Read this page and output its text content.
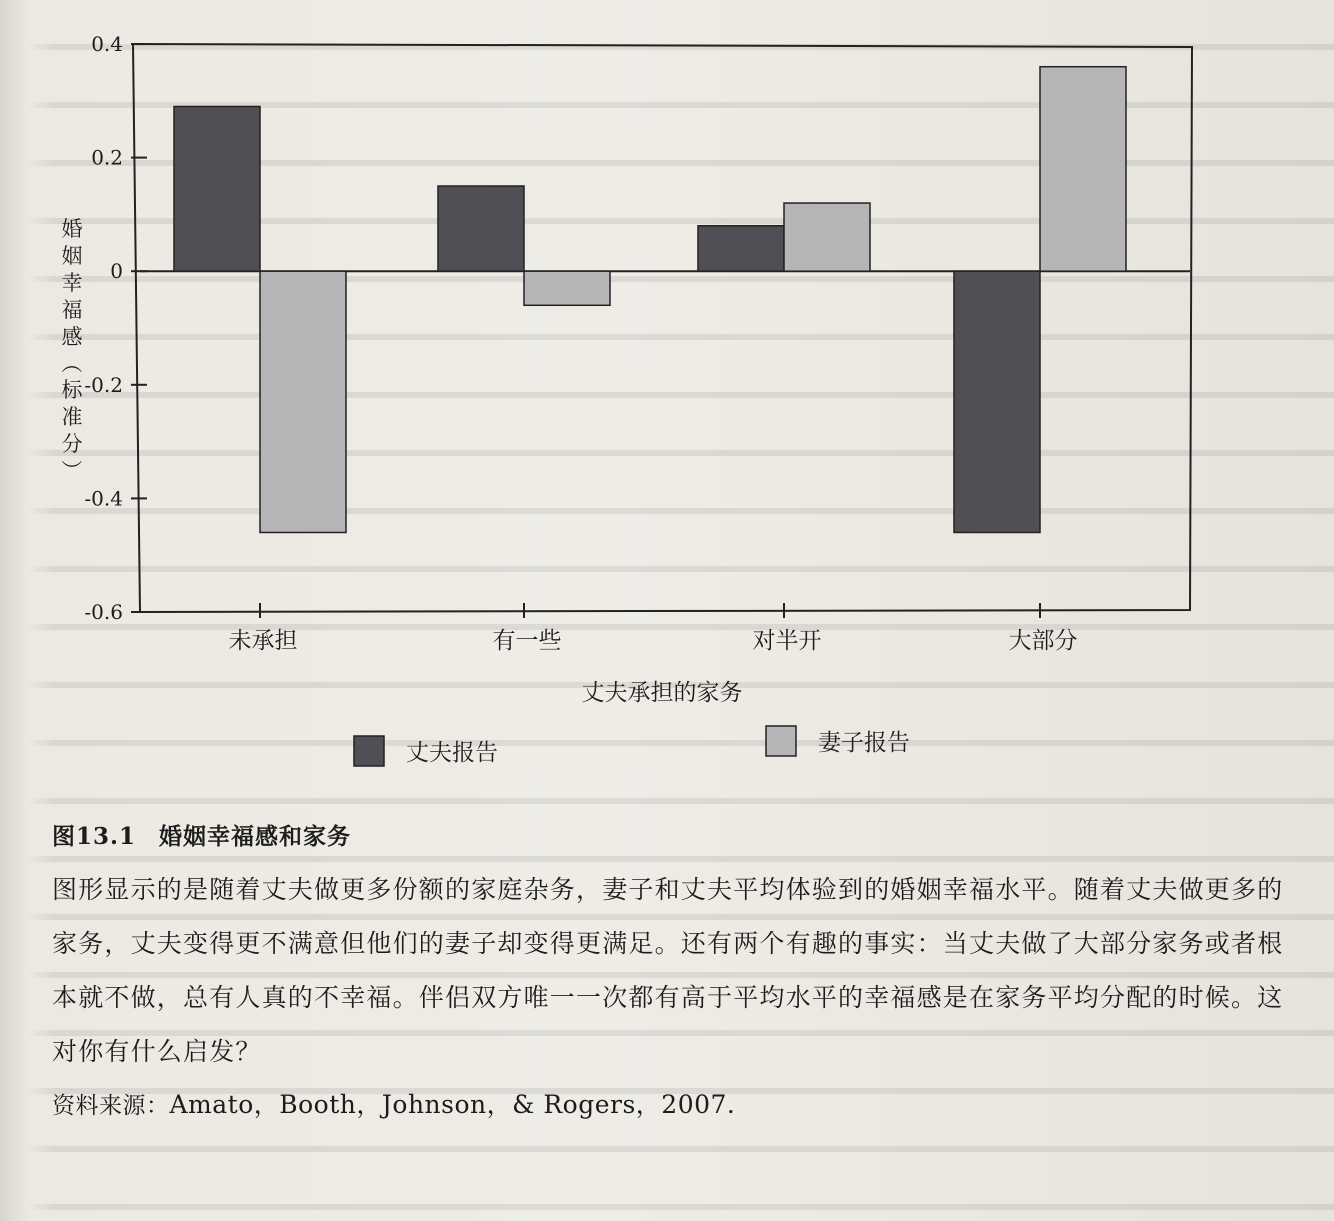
0.4
0.2
0
-0.2
-0.4
-0.6
未承担	有一些	对半开	大部分
丈夫承担的家务
婚
姻
幸
福
感
（
标
准
分
）
丈夫报告	妻子报告

图13.1 婚姻幸福感和家务

图形显示的是随着丈夫做更多份额的家庭杂务，妻子和丈夫平均体验到的婚姻幸福水平。随着丈夫做更多的家务，丈夫变得更不满意但他们的妻子却变得更满足。还有两个有趣的事实：当丈夫做了大部分家务或者根本就不做，总有人真的不幸福。伴侣双方唯一一次都有高于平均水平的幸福感是在家务平均分配的时候。这对你有什么启发？

资料来源：Amato，Booth，Johnson，& Rogers，2007.
